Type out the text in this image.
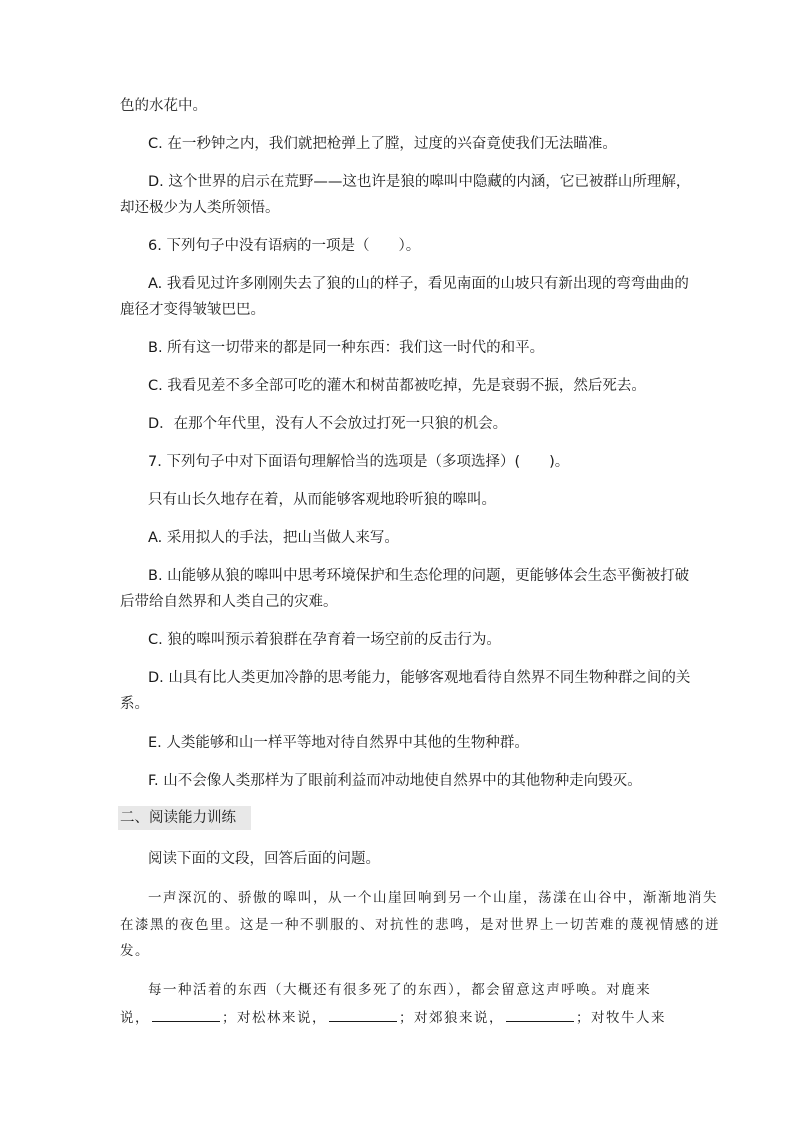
色的水花中。
C. 在一秒钟之内，我们就把枪弹上了膛，过度的兴奋竟使我们无法瞄准。
D. 这个世界的启示在荒野——这也许是狼的嗥叫中隐藏的内涵，它已被群山所理解，
却还极少为人类所领悟。
6. 下列句子中没有语病的一项是（　　）。
A. 我看见过许多刚刚失去了狼的山的样子，看见南面的山坡只有新出现的弯弯曲曲的
鹿径才变得皱皱巴巴。
B. 所有这一切带来的都是同一种东西：我们这一时代的和平。
C. 我看见差不多全部可吃的灌木和树苗都被吃掉，先是衰弱不振，然后死去。
D．在那个年代里，没有人不会放过打死一只狼的机会。
7. 下列句子中对下面语句理解恰当的选项是（多项选择）(　　)。
只有山长久地存在着，从而能够客观地聆听狼的嗥叫。
A. 采用拟人的手法，把山当做人来写。
B. 山能够从狼的嗥叫中思考环境保护和生态伦理的问题，更能够体会生态平衡被打破
后带给自然界和人类自己的灾难。
C. 狼的嗥叫预示着狼群在孕育着一场空前的反击行为。
D. 山具有比人类更加冷静的思考能力，能够客观地看待自然界不同生物种群之间的关
系。
E. 人类能够和山一样平等地对待自然界中其他的生物种群。
F. 山不会像人类那样为了眼前利益而冲动地使自然界中的其他物种走向毁灭。
二、阅读能力训练
阅读下面的文段，回答后面的问题。
一声深沉的、骄傲的嗥叫，从一个山崖回响到另一个山崖，荡漾在山谷中，渐渐地消失
在漆黑的夜色里。这是一种不驯服的、对抗性的悲鸣，是对世界上一切苦难的蔑视情感的迸
发。
每一种活着的东西（大概还有很多死了的东西），都会留意这声呼唤。对鹿来
说，	；对松林来说，	；对郊狼来说，	；对牧牛人来
